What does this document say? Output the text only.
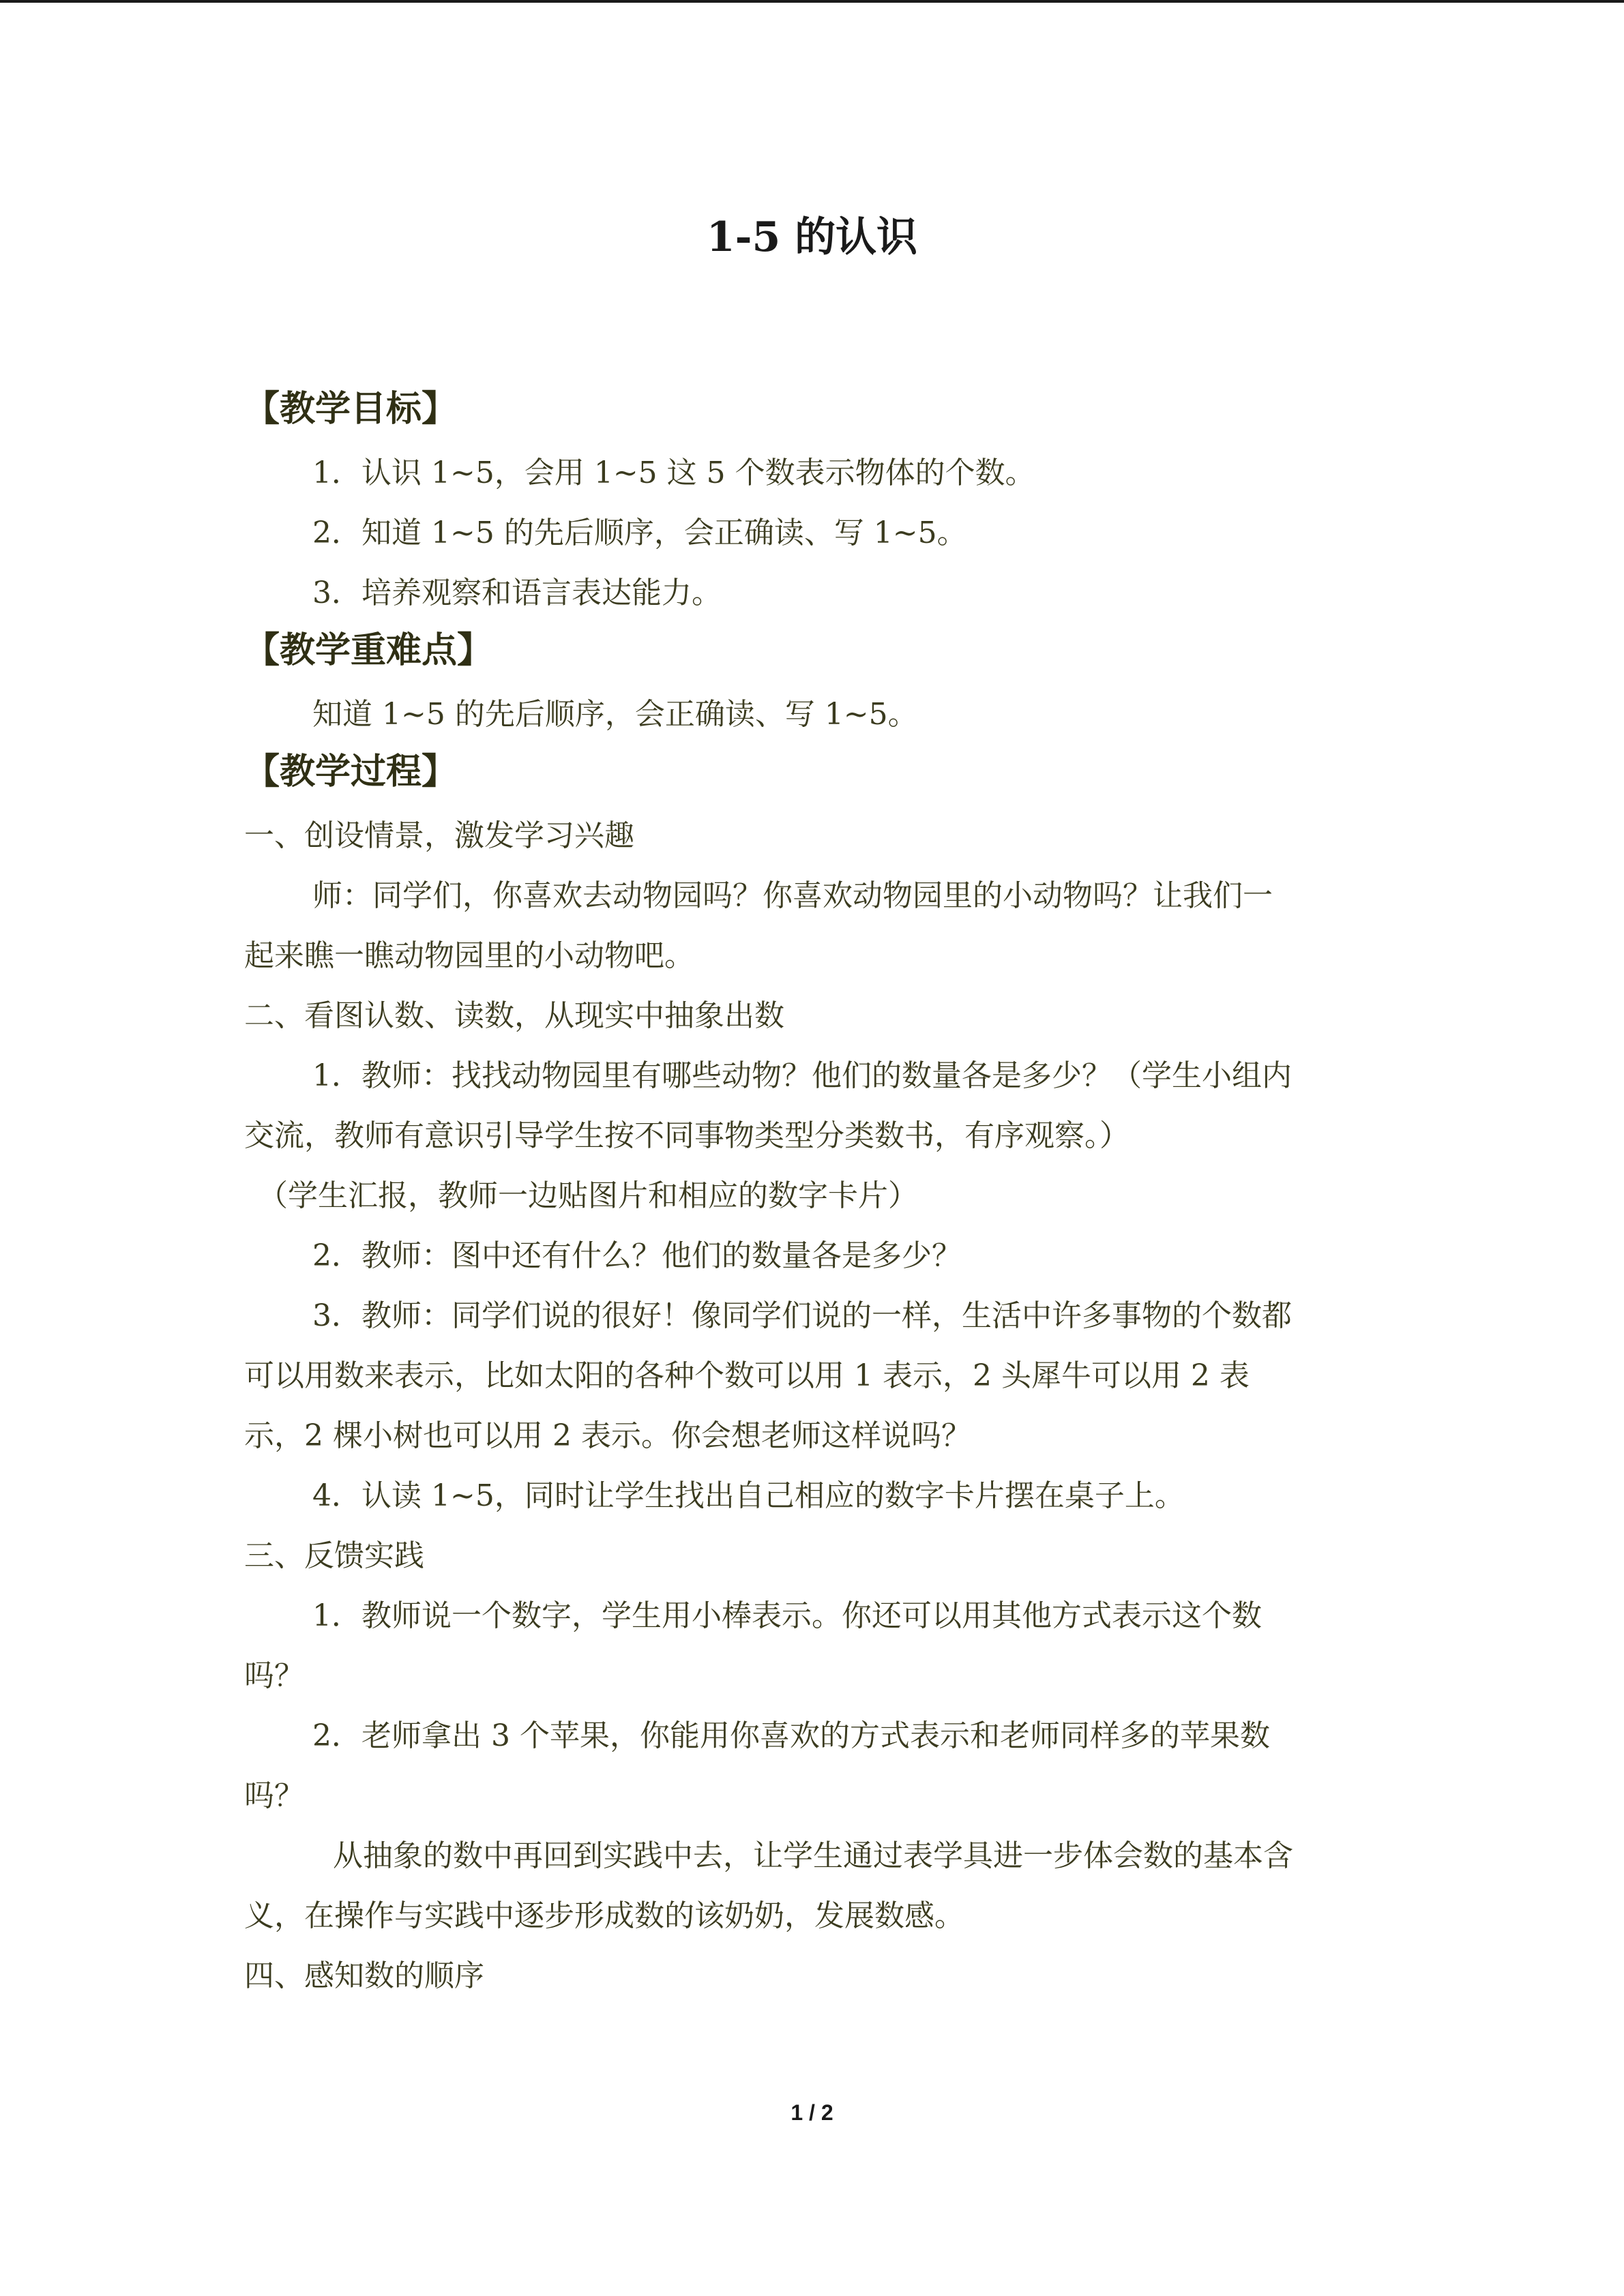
1-5 的认识

【教学目标】

1．认识 1~5，会用 1~5 这 5 个数表示物体的个数。

2．知道 1~5 的先后顺序，会正确读、写 1~5。

3．培养观察和语言表达能力。

【教学重难点】

知道 1~5 的先后顺序，会正确读、写 1~5。

【教学过程】

一、创设情景，激发学习兴趣

师：同学们，你喜欢去动物园吗？你喜欢动物园里的小动物吗？让我们一

起来瞧一瞧动物园里的小动物吧。

二、看图认数、读数，从现实中抽象出数

1．教师：找找动物园里有哪些动物？他们的数量各是多少？（学生小组内

交流，教师有意识引导学生按不同事物类型分类数书，有序观察。）

（学生汇报，教师一边贴图片和相应的数字卡片）

2．教师：图中还有什么？他们的数量各是多少？

3．教师：同学们说的很好！像同学们说的一样，生活中许多事物的个数都

可以用数来表示，比如太阳的各种个数可以用 1 表示，2 头犀牛可以用 2 表

示，2 棵小树也可以用 2 表示。你会想老师这样说吗？

4．认读 1~5，同时让学生找出自己相应的数字卡片摆在桌子上。

三、反馈实践

1．教师说一个数字，学生用小棒表示。你还可以用其他方式表示这个数

吗？

2．老师拿出 3 个苹果，你能用你喜欢的方式表示和老师同样多的苹果数

吗？

从抽象的数中再回到实践中去，让学生通过表学具进一步体会数的基本含

义，在操作与实践中逐步形成数的该奶奶，发展数感。

四、感知数的顺序

1 / 2
